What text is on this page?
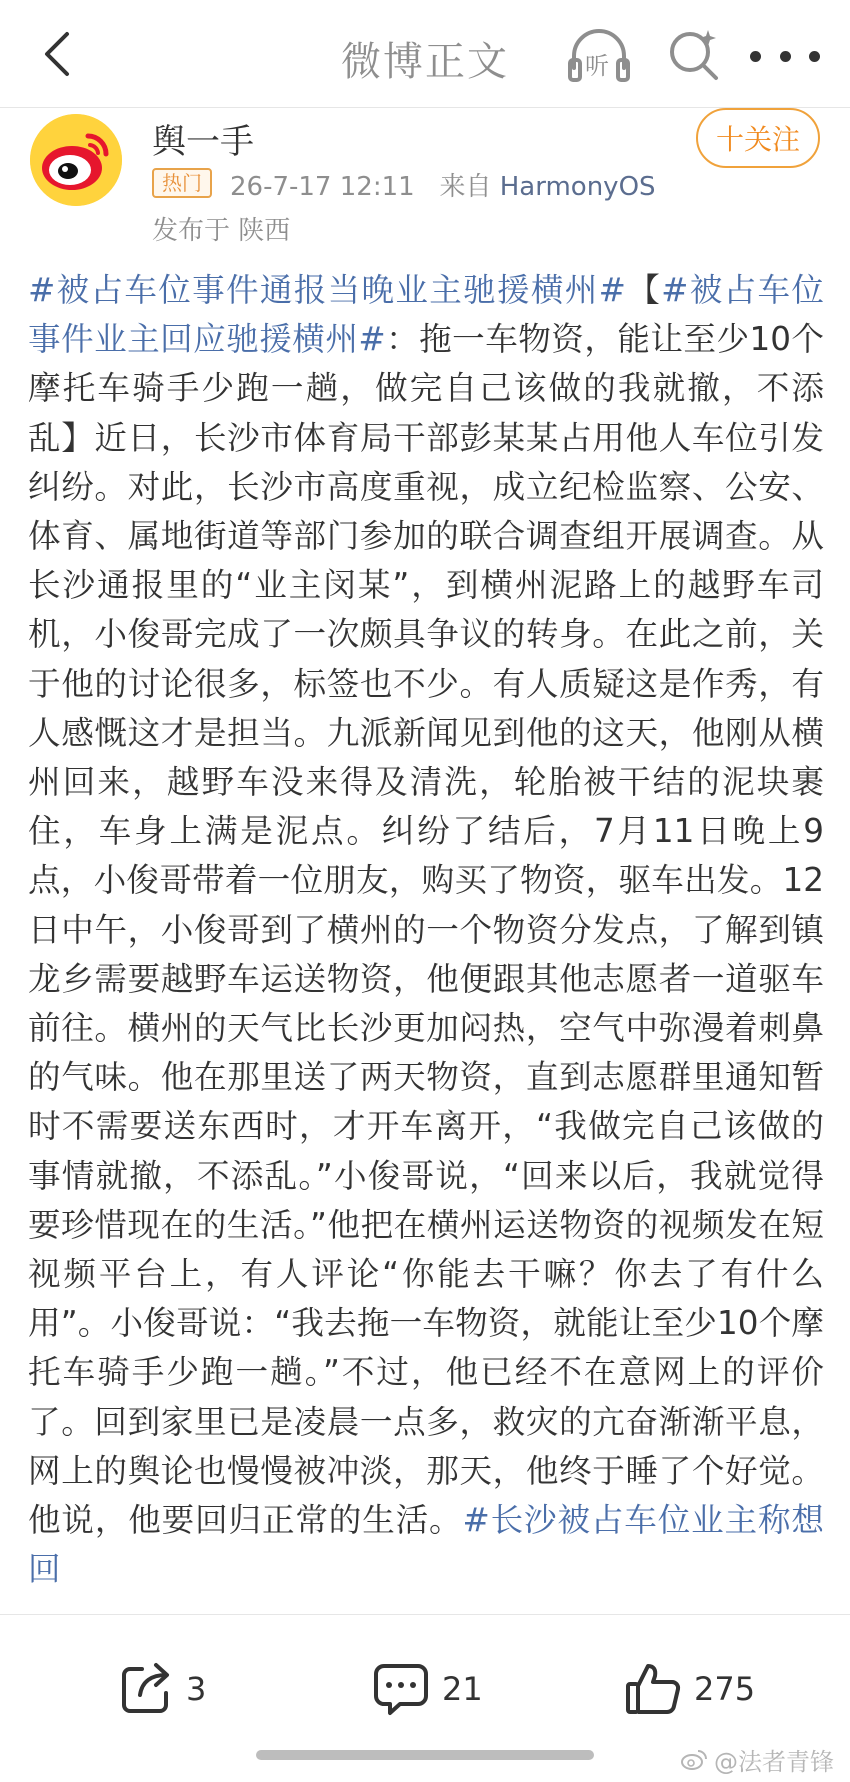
微博正文	听
舆一手
热门	26-7-17 12:11 来自 HarmonyOS
发布于 陕西
十关注
#被占车位事件通报当晚业主驰援横州#【#被占车位事件业主回应驰援横州#：拖一车物资，能让至少10个摩托车骑手少跑一趟，做完自己该做的我就撤，不添乱】近日，长沙市体育局干部彭某某占用他人车位引发纠纷。对此，长沙市高度重视，成立纪检监察、公安、体育、属地街道等部门参加的联合调查组开展调查。从长沙通报里的“业主闵某”，到横州泥路上的越野车司机，小俊哥完成了一次颇具争议的转身。在此之前，关于他的讨论很多，标签也不少。有人质疑这是作秀，有人感慨这才是担当。九派新闻见到他的这天，他刚从横州回来，越野车没来得及清洗，轮胎被干结的泥块裹住，车身上满是泥点。纠纷了结后，7月11日晚上9点，小俊哥带着一位朋友，购买了物资，驱车出发。12日中午，小俊哥到了横州的一个物资分发点，了解到镇龙乡需要越野车运送物资，他便跟其他志愿者一道驱车前往。横州的天气比长沙更加闷热，空气中弥漫着刺鼻的气味。他在那里送了两天物资，直到志愿群里通知暂时不需要送东西时，才开车离开，“我做完自己该做的事情就撤，不添乱。”小俊哥说，“回来以后，我就觉得要珍惜现在的生活。”他把在横州运送物资的视频发在短视频平台上，有人评论“你能去干嘛？你去了有什么用”。小俊哥说：“我去拖一车物资，就能让至少10个摩托车骑手少跑一趟。”不过，他已经不在意网上的评价了。回到家里已是凌晨一点多，救灾的亢奋渐渐平息，网上的舆论也慢慢被冲淡，那天，他终于睡了个好觉。他说，他要回归正常的生活。#长沙被占车位业主称想回
3	21	275
@法者青锋
